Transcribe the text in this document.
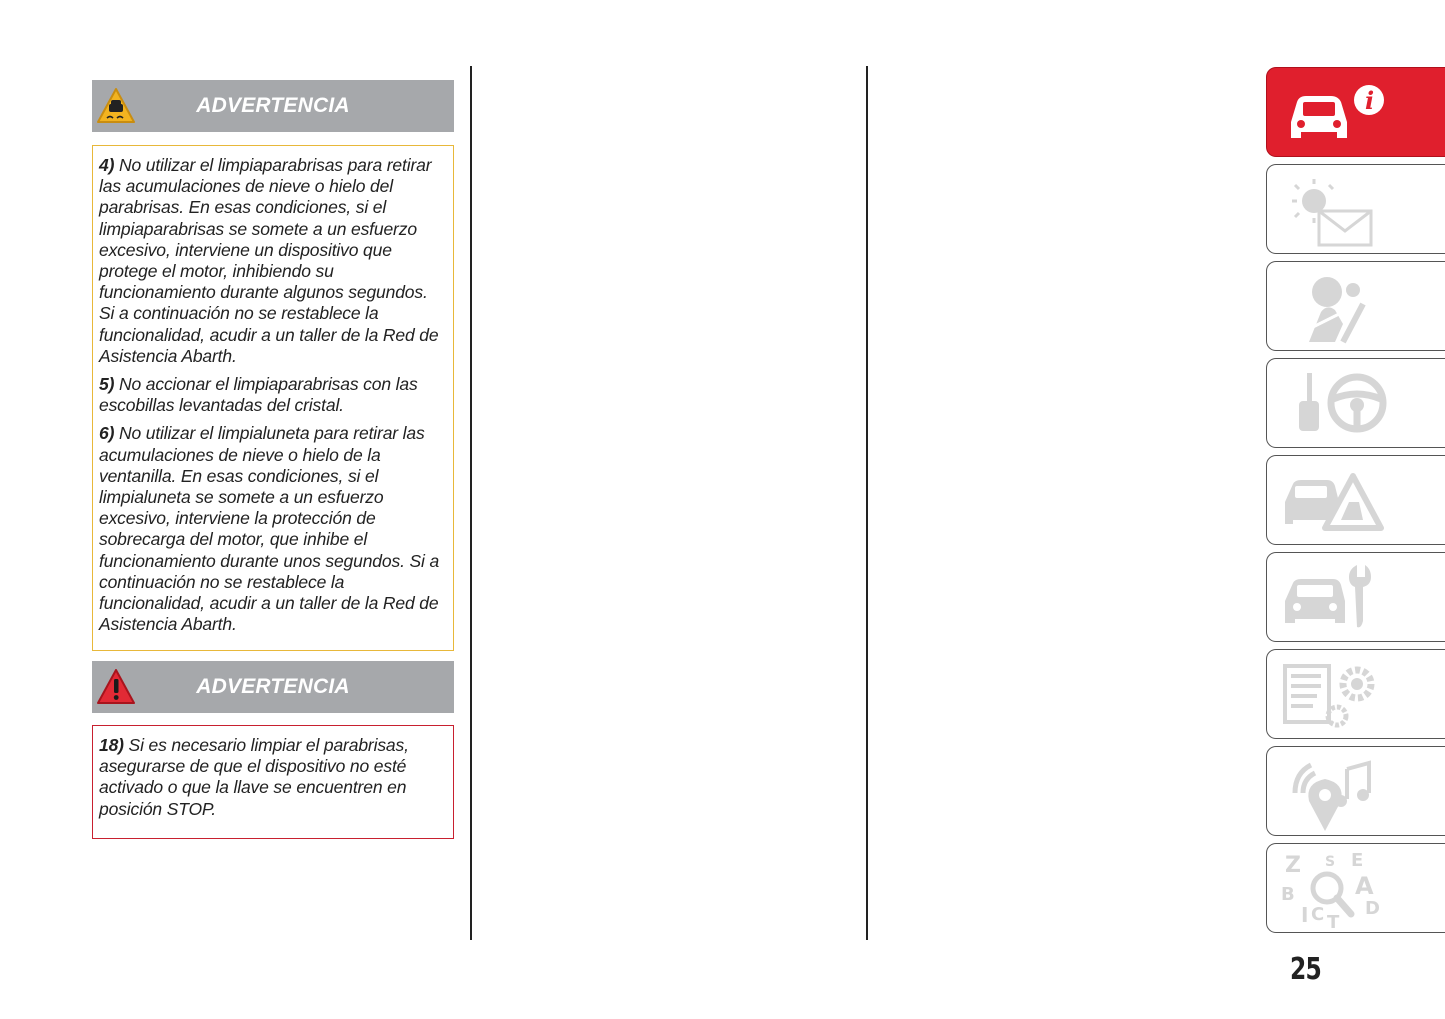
ADVERTENCIA

4) No utilizar el limpiaparabrisas para retirar las acumulaciones de nieve o hielo del parabrisas. En esas condiciones, si el limpiaparabrisas se somete a un esfuerzo excesivo, interviene un dispositivo que protege el motor, inhibiendo su funcionamiento durante algunos segundos. Si a continuación no se restablece la funcionalidad, acudir a un taller de la Red de Asistencia Abarth.

5) No accionar el limpiaparabrisas con las escobillas levantadas del cristal.

6) No utilizar el limpialuneta para retirar las acumulaciones de nieve o hielo de la ventanilla. En esas condiciones, si el limpialuneta se somete a un esfuerzo excesivo, interviene la protección de sobrecarga del motor, que inhibe el funcionamiento durante unos segundos. Si a continuación no se restablece la funcionalidad, acudir a un taller de la Red de Asistencia Abarth.

ADVERTENCIA

18) Si es necesario limpiar el parabrisas, asegurarse de que el dispositivo no esté activado o que la llave se encuentren en posición STOP.

i
Z S E
A
B
I C T
D
25
